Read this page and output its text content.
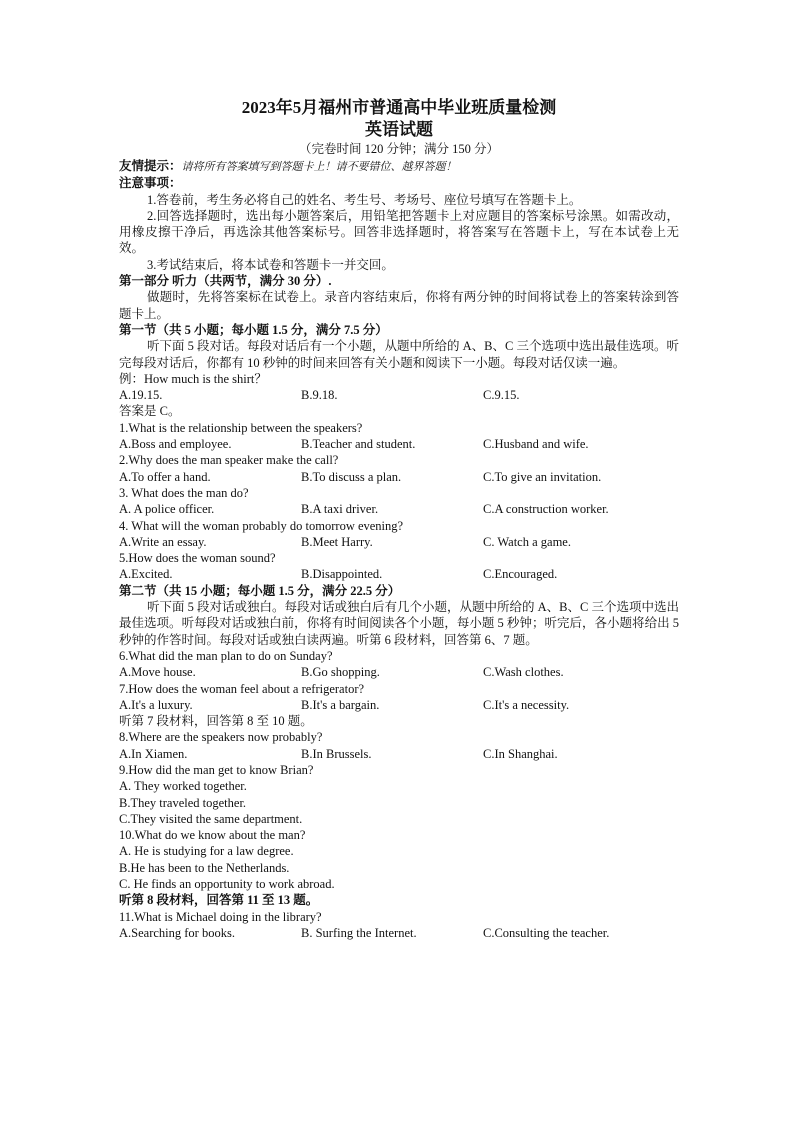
2023年5月福州市普通高中毕业班质量检测
英语试题
（完卷时间 120 分钟；满分 150 分）
友情提示：请将所有答案填写到答题卡上！请不要错位、越界答题！
注意事项：
1.答卷前，考生务必将自己的姓名、考生号、考场号、座位号填写在答题卡上。
2.回答选择题时，选出每小题答案后，用铅笔把答题卡上对应题目的答案标号涂黑。如需改动，用橡皮擦干净后，再选涂其他答案标号。回答非选择题时，将答案写在答题卡上，写在本试卷上无效。
3.考试结束后，将本试卷和答题卡一并交回。
第一部分 听力（共两节，满分 30 分）.
做题时，先将答案标在试卷上。录音内容结束后，你将有两分钟的时间将试卷上的答案转涂到答题卡上。
第一节（共 5 小题；每小题 1.5 分，满分 7.5 分）
听下面 5 段对话。每段对话后有一个小题，从题中所给的 A、B、C 三个选项中选出最佳选项。听完每段对话后，你都有 10 秒钟的时间来回答有关小题和阅读下一小题。每段对话仅读一遍。
例：How much is the shirt？
A.19.15.	B.9.18.	C.9.15.
答案是 C。
1.What is the relationship between the speakers?
A.Boss and employee.	B.Teacher and student.	C.Husband and wife.
2.Why does the man speaker make the call?
A.To offer a hand.	B.To discuss a plan.	C.To give an invitation.
3. What does the man do?
A. A police officer.	B.A taxi driver.	C.A construction worker.
4. What will the woman probably do tomorrow evening?
A.Write an essay.	B.Meet Harry.	C. Watch a game.
5.How does the woman sound?
A.Excited.	B.Disappointed.	C.Encouraged.
第二节（共 15 小题；每小题 1.5 分，满分 22.5 分）
听下面 5 段对话或独白。每段对话或独白后有几个小题，从题中所给的 A、B、C 三个选项中选出最佳选项。听每段对话或独白前，你将有时间阅读各个小题，每小题 5 秒钟；听完后，各小题将给出 5 秒钟的作答时间。每段对话或独白读两遍。听第 6 段材料，回答第 6、7 题。
6.What did the man plan to do on Sunday?
A.Move house.	B.Go shopping.	C.Wash clothes.
7.How does the woman feel about a refrigerator?
A.It's a luxury.	B.It's a bargain.	C.It's a necessity.
听第 7 段材料，回答第 8 至 10 题。
8.Where are the speakers now probably?
A.In Xiamen.	B.In Brussels.	C.In Shanghai.
9.How did the man get to know Brian?
A. They worked together.
B.They traveled together.
C.They visited the same department.
10.What do we know about the man?
A. He is studying for a law degree.
B.He has been to the Netherlands.
C. He finds an opportunity to work abroad.
听第 8 段材料，回答第 11 至 13 题。
11.What is Michael doing in the library?
A.Searching for books.	B. Surfing the Internet.	C.Consulting the teacher.
